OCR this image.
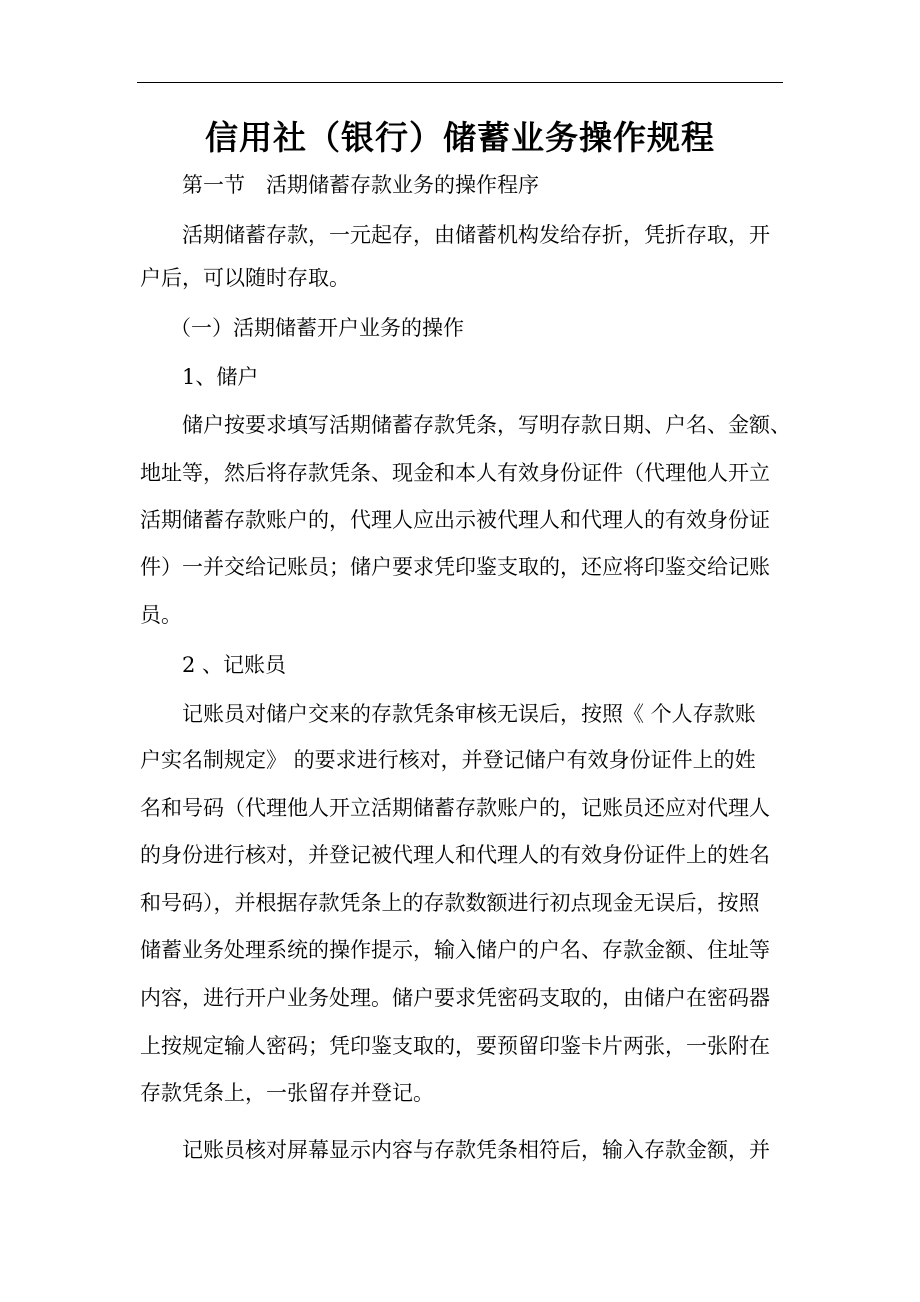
信用社（银行）储蓄业务操作规程
第一节　活期储蓄存款业务的操作程序
活期储蓄存款，一元起存，由储蓄机构发给存折，凭折存取，开
户后，可以随时存取。
（一）活期储蓄开户业务的操作
1、储户
储户按要求填写活期储蓄存款凭条，写明存款日期、户名、金额、
地址等，然后将存款凭条、现金和本人有效身份证件（代理他人开立
活期储蓄存款账户的，代理人应出示被代理人和代理人的有效身份证
件）一并交给记账员；储户要求凭印鉴支取的，还应将印鉴交给记账
员。
2 、记账员
记账员对储户交来的存款凭条审核无误后，按照《 个人存款账
户实名制规定》 的要求进行核对，并登记储户有效身份证件上的姓
名和号码（代理他人开立活期储蓄存款账户的，记账员还应对代理人
的身份进行核对，并登记被代理人和代理人的有效身份证件上的姓名
和号码），并根据存款凭条上的存款数额进行初点现金无误后，按照
储蓄业务处理系统的操作提示，输入储户的户名、存款金额、住址等
内容，进行开户业务处理。储户要求凭密码支取的，由储户在密码器
上按规定输人密码；凭印鉴支取的，要预留印鉴卡片两张，一张附在
存款凭条上，一张留存并登记。
记账员核对屏幕显示内容与存款凭条相符后，输入存款金额，并
